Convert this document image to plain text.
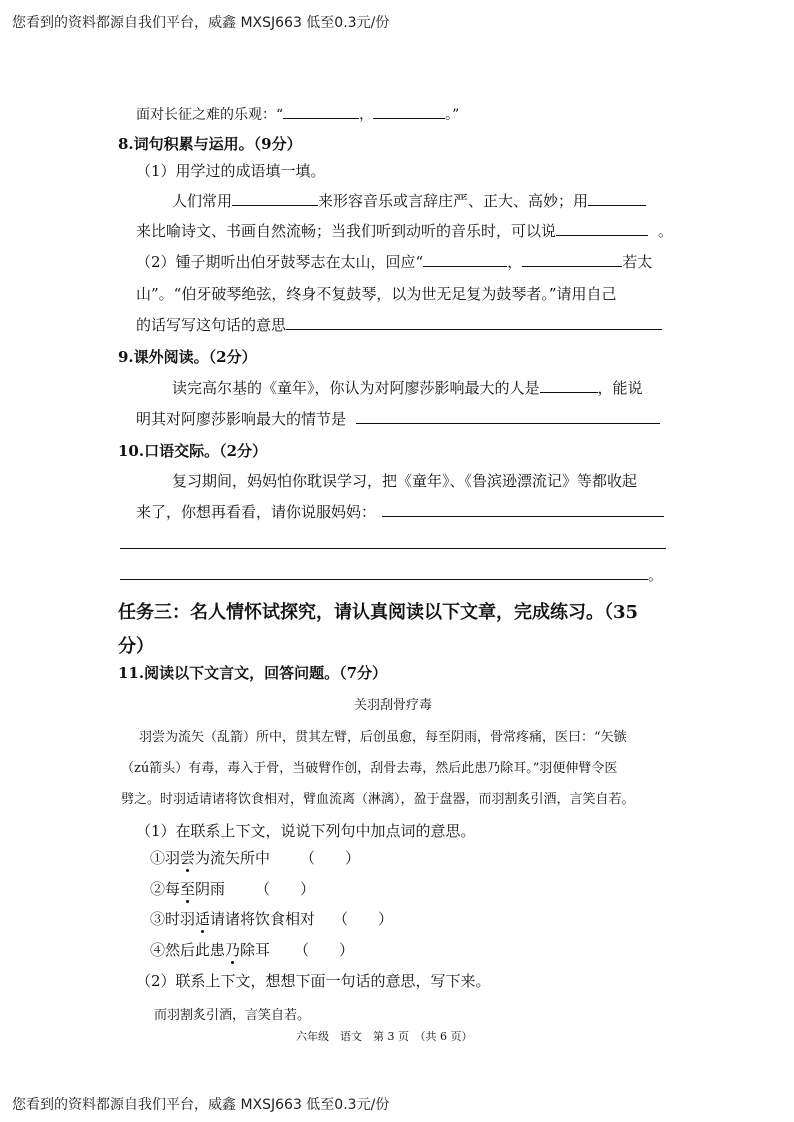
您看到的资料都源自我们平台，威鑫 MXSJ663 低至0.3元/份
面对长征之难的乐观：“	，	。”
8.词句积累与运用。（9分）
（1）用学过的成语填一填。
人们常用	来形容音乐或言辞庄严、正大、高妙；用
来比喻诗文、书画自然流畅；当我们听到动听的音乐时，可以说	。
（2）锺子期听出伯牙鼓琴志在太山，回应“	，	若太
山”。“伯牙破琴绝弦，终身不复鼓琴，以为世无足复为鼓琴者。”请用自己
的话写写这句话的意思
9.课外阅读。（2分）
读完高尔基的《童年》，你认为对阿廖莎影响最大的人是	，能说
明其对阿廖莎影响最大的情节是
10.口语交际。（2分）
复习期间，妈妈怕你耽误学习，把《童年》、《鲁滨逊漂流记》等都收起
来了，你想再看看，请你说服妈妈：
。
任务三：名人情怀试探究，请认真阅读以下文章，完成练习。（35
分）
11.阅读以下文言文，回答问题。（7分）
关羽刮骨疗毒
羽尝为流矢（乱箭）所中，贯其左臂，后创虽愈，每至阴雨，骨常疼痛，医曰：“矢镞
（zú箭头）有毒，毒入于骨，当破臂作创，刮骨去毒，然后此患乃除耳。”羽便伸臂令医
劈之。时羽适请诸将饮食相对，臂血流离（淋漓），盈于盘器，而羽割炙引酒，言笑自若。
（1）在联系上下文，说说下列句中加点词的意思。
①羽尝为流矢所中 （　　）
②每至阴雨 （　　）
③时羽适请诸将饮食相对 （　　）
④然后此患乃除耳 （　　）
（2）联系上下文，想想下面一句话的意思，写下来。
而羽割炙引酒，言笑自若。
六年级　语文　第 3 页　（共 6 页）
您看到的资料都源自我们平台，威鑫 MXSJ663 低至0.3元/份
